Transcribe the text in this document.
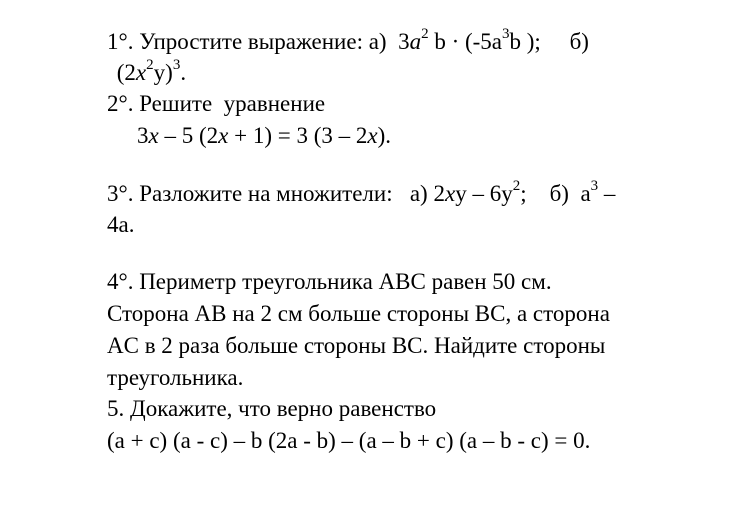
1°. Упростите выражение: а)  $3a^2$ $b \cdot (-5a^3b$ );     б)
$(2x^2y)^3$.
2°. Решите  уравнение
3x – 5 (2x + 1) = 3 (3 – 2x).
3°. Разложите на множители:   а) $2xy - 6y^2$;    б)  $a^3$ –
4a.
4°. Периметр треугольника ABC равен 50 см.
Сторона AB на 2 см больше стороны BC, а сторона
AC в 2 раза больше стороны BC. Найдите стороны
треугольника.
5. Докажите, что верно равенство
(a + c) (a - c) – b (2a - b) – (a – b + c) (a – b - c) = 0.
